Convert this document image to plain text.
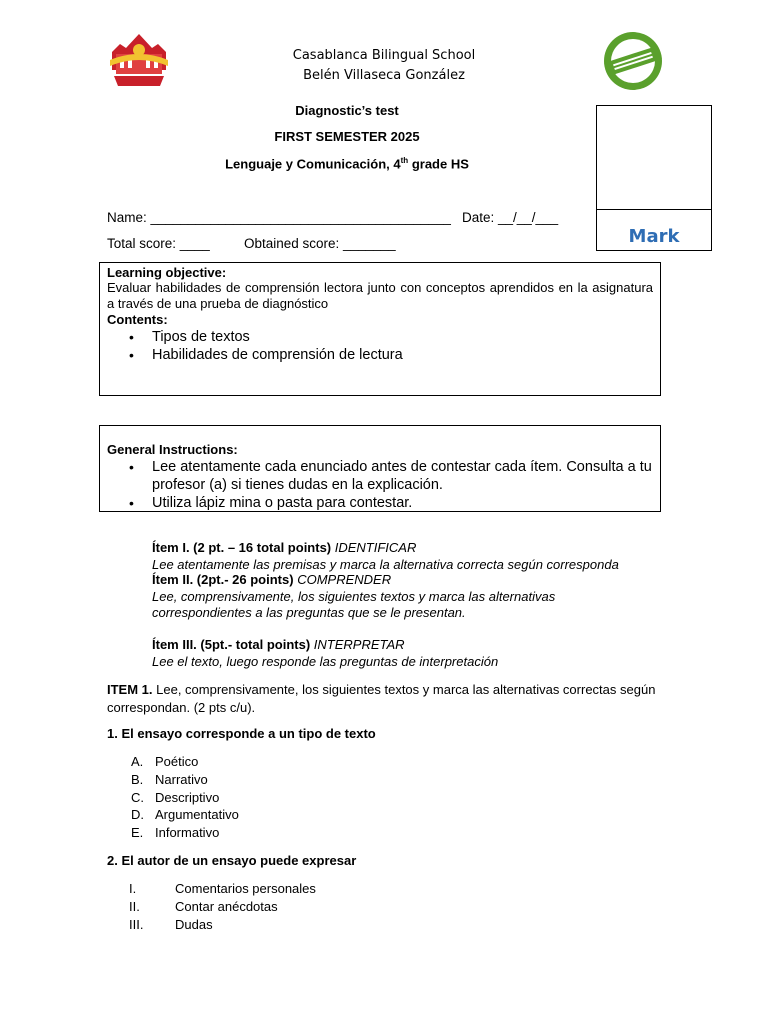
Casablanca Bilingual School
Belén Villaseca González
Diagnostic’s test
FIRST SEMESTER 2025
Lenguaje y Comunicación, 4th grade HS
Mark
Name: ________________________________________ Date: __/__/___
Total score: ____	Obtained score: _______
Learning objective:
Evaluar habilidades de comprensión lectora junto con conceptos aprendidos en la asignatura a través de una prueba de diagnóstico
Contents:
• Tipos de textos
• Habilidades de comprensión de lectura
General Instructions:
• Lee atentamente cada enunciado antes de contestar cada ítem. Consulta a tu profesor (a) si tienes dudas en la explicación.
• Utiliza lápiz mina o pasta para contestar.
Ítem I. (2 pt. – 16 total points) IDENTIFICAR
Lee atentamente las premisas y marca la alternativa correcta según corresponda
Ítem II. (2pt.- 26 points) COMPRENDER
Lee, comprensivamente, los siguientes textos y marca las alternativas correspondientes a las preguntas que se le presentan.
Ítem III. (5pt.- total points) INTERPRETAR
Lee el texto, luego responde las preguntas de interpretación
ITEM 1. Lee, comprensivamente, los siguientes textos y marca las alternativas correctas según correspondan. (2 pts c/u).
1. El ensayo corresponde a un tipo de texto
A. Poético
B. Narrativo
C. Descriptivo
D. Argumentativo
E. Informativo
2. El autor de un ensayo puede expresar
I.	Comentarios personales
II.	Contar anécdotas
III. Dudas
